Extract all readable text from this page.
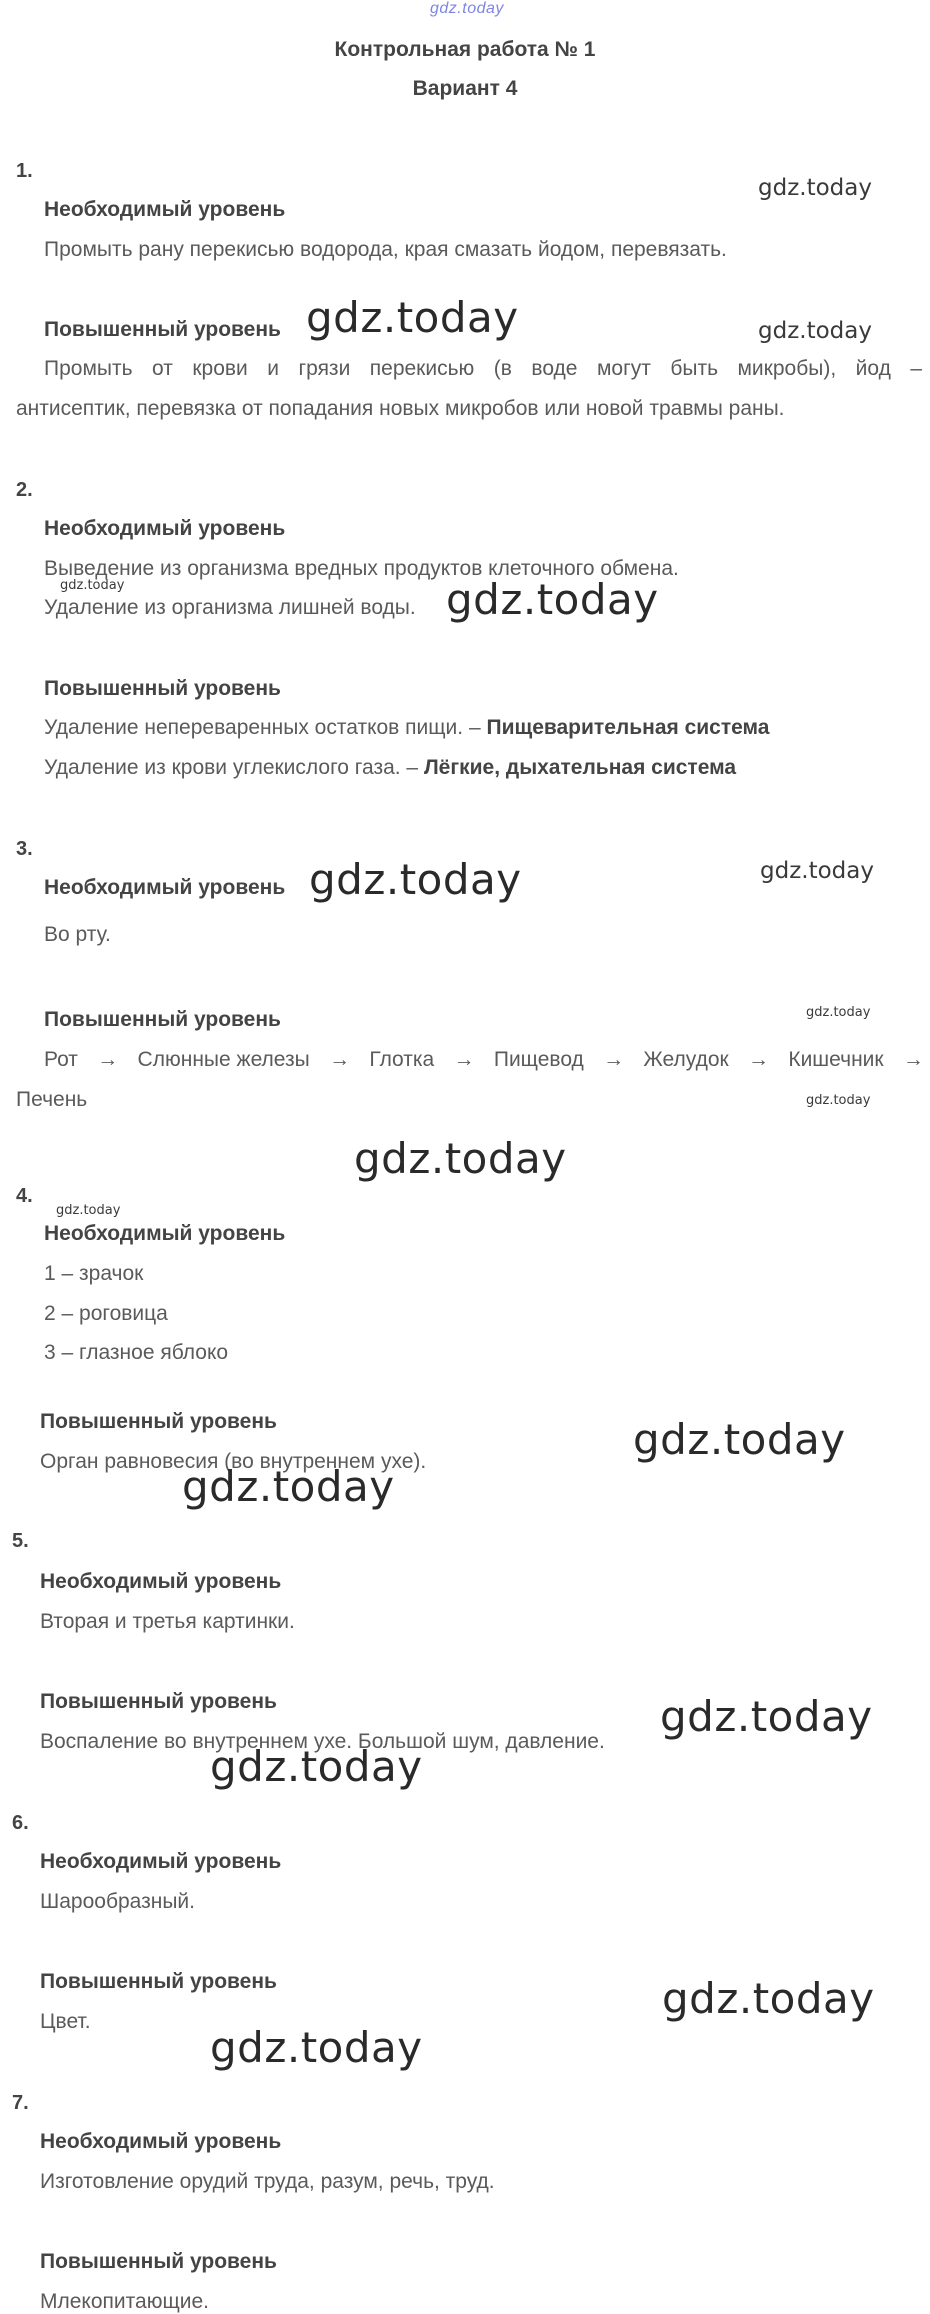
gdz.today
Контрольная работа № 1
Вариант 4
1.
Необходимый уровень
Промыть рану перекисью водорода, края смазать йодом, перевязать.
Повышенный уровень
Промыть от крови и грязи перекисью (в воде могут быть микробы), йод –
антисептик, перевязка от попадания новых микробов или новой травмы раны.
2.
Необходимый уровень
Выведение из организма вредных продуктов клеточного обмена.
Удаление из организма лишней воды.
Повышенный уровень
Удаление непереваренных остатков пищи. – Пищеварительная система
Удаление из крови углекислого газа. – Лёгкие, дыхательная система
3.
Необходимый уровень
Во рту.
Повышенный уровень
Рот → Слюнные железы → Глотка → Пищевод → Желудок → Кишечник →
Печень
4.
Необходимый уровень
1 – зрачок
2 – роговица
3 – глазное яблоко
Повышенный уровень
Орган равновесия (во внутреннем ухе).
5.
Необходимый уровень
Вторая и третья картинки.
Повышенный уровень
Воспаление во внутреннем ухе. Большой шум, давление.
6.
Необходимый уровень
Шарообразный.
Повышенный уровень
Цвет.
7.
Необходимый уровень
Изготовление орудий труда, разум, речь, труд.
Повышенный уровень
Млекопитающие.
gdz.today
gdz.today	gdz.today
gdz.today	gdz.today
gdz.today	gdz.today
gdz.today
gdz.today
gdz.today
gdz.today
gdz.today
gdz.today
gdz.today
gdz.today
gdz.today
gdz.today
